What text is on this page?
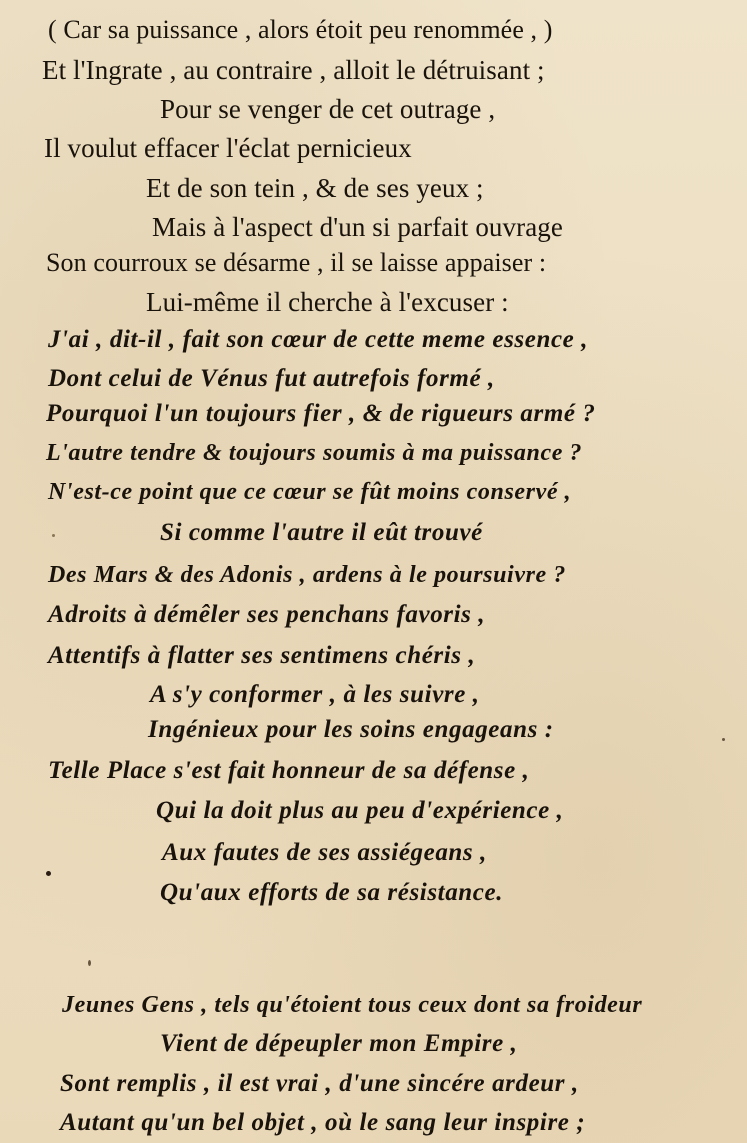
( Car sa puissance , alors étoit peu renommée , )
Et l'Ingrate , au contraire , alloit le détruisant ;
Pour se venger de cet outrage ,
Il voulut effacer l'éclat pernicieux
Et de son tein , & de ses yeux ;
Mais à l'aspect d'un si parfait ouvrage
Son courroux se désarme , il se laisse appaiser :
Lui-même il cherche à l'excuser :
J'ai , dit-il , fait son cœur de cette meme essence ,
Dont celui de Vénus fut autrefois formé ,
Pourquoi l'un toujours fier , & de rigueurs armé ?
L'autre tendre & toujours soumis à ma puissance ?
N'est-ce point que ce cœur se fût moins conservé ,
Si comme l'autre il eût trouvé
Des Mars & des Adonis , ardens à le poursuivre ?
Adroits à démêler ses penchans favoris ,
Attentifs à flatter ses sentimens chéris ,
A s'y conformer , à les suivre ,
Ingénieux pour les soins engageans :
Telle Place s'est fait honneur de sa défense ,
Qui la doit plus au peu d'expérience ,
Aux fautes de ses assiégeans ,
Qu'aux efforts de sa résistance.
Jeunes Gens , tels qu'étoient tous ceux dont sa froideur
Vient de dépeupler mon Empire ,
Sont remplis , il est vrai , d'une sincére ardeur ,
Autant qu'un bel objet , où le sang leur inspire ;
